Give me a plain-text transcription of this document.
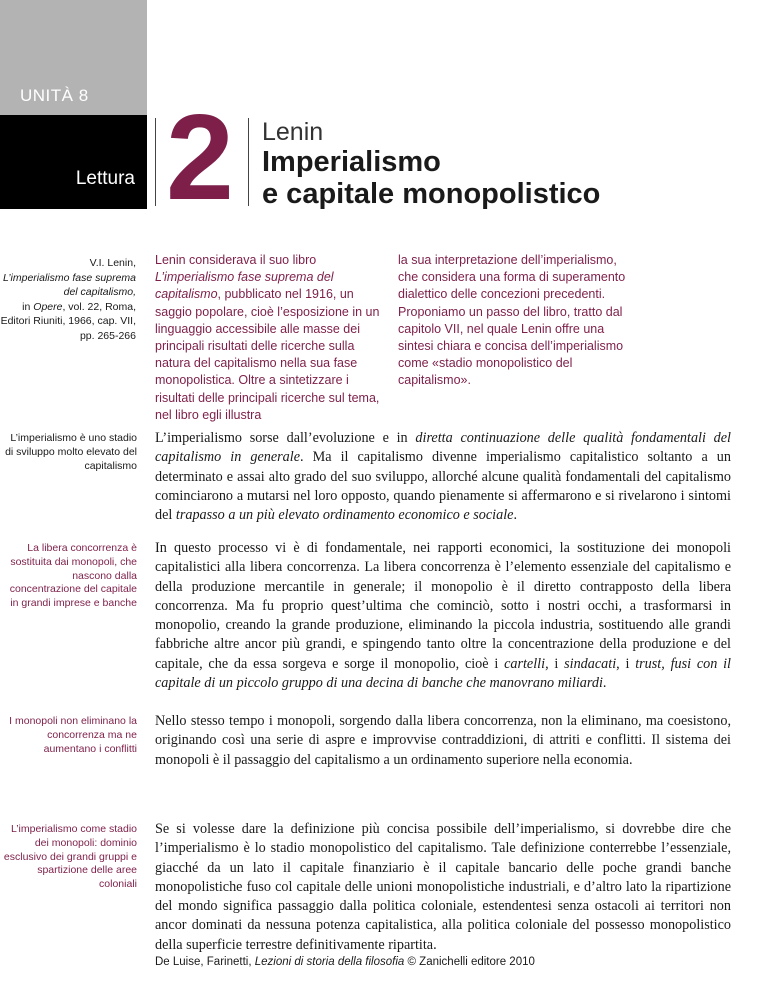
UNITÀ 8
Lettura 2 Lenin
Imperialismo
e capitale monopolistico
V.I. Lenin,
L’imperialismo fase suprema del capitalismo,
in Opere, vol. 22, Roma, Editori Riuniti, 1966, cap. VII, pp. 265-266
Lenin considerava il suo libro L’imperialismo fase suprema del capitalismo, pubblicato nel 1916, un saggio popolare, cioè l’esposizione in un linguaggio accessibile alle masse dei principali risultati delle ricerche sulla natura del capitalismo nella sua fase monopolistica. Oltre a sintetizzare i risultati delle principali ricerche sul tema, nel libro egli illustra
la sua interpretazione dell’imperialismo, che considera una forma di superamento dialettico delle concezioni precedenti. Proponiamo un passo del libro, tratto dal capitolo VII, nel quale Lenin offre una sintesi chiara e concisa dell’imperialismo come «stadio monopolistico del capitalismo».
L’imperialismo è uno stadio di sviluppo molto elevato del capitalismo
La libera concorrenza è sostituita dai monopoli, che nascono dalla concentrazione del capitale in grandi imprese e banche
I monopoli non eliminano la concorrenza ma ne aumentano i conflitti
L’imperialismo come stadio dei monopoli: dominio esclusivo dei grandi gruppi e spartizione delle aree coloniali
L’imperialismo sorse dall’evoluzione e in diretta continuazione delle qualità fondamentali del capitalismo in generale. Ma il capitalismo divenne imperialismo capitalistico soltanto a un determinato e assai alto grado del suo sviluppo, allorché alcune qualità fondamentali del capitalismo cominciarono a mutarsi nel loro opposto, quando pienamente si affermarono e si rivelarono i sintomi del trapasso a un più elevato ordinamento economico e sociale.
In questo processo vi è di fondamentale, nei rapporti economici, la sostituzione dei monopoli capitalistici alla libera concorrenza. La libera concorrenza è l’elemento essenziale del capitalismo e della produzione mercantile in generale; il monopolio è il diretto contrapposto della libera concorrenza. Ma fu proprio quest’ultima che cominciò, sotto i nostri occhi, a trasformarsi in monopolio, creando la grande produzione, eliminando la piccola industria, sostituendo alle grandi fabbriche altre ancor più grandi, e spingendo tanto oltre la concentrazione della produzione e del capitale, che da essa sorgeva e sorge il monopolio, cioè i cartelli, i sindacati, i trust, fusi con il capitale di un piccolo gruppo di una decina di banche che manovrano miliardi.
Nello stesso tempo i monopoli, sorgendo dalla libera concorrenza, non la eliminano, ma coesistono, originando così una serie di aspre e improvvise contraddizioni, di attriti e conflitti. Il sistema dei monopoli è il passaggio del capitalismo a un ordinamento superiore nella economia.
Se si volesse dare la definizione più concisa possibile dell’imperialismo, si dovrebbe dire che l’imperialismo è lo stadio monopolistico del capitalismo. Tale definizione conterrebbe l’essenziale, giacché da un lato il capitale finanziario è il capitale bancario delle poche grandi banche monopolistiche fuso col capitale delle unioni monopolistiche industriali, e d’altro lato la ripartizione del mondo significa passaggio dalla politica coloniale, estendentesi senza ostacoli ai territori non ancor dominati da nessuna potenza capitalistica, alla politica coloniale del possesso monopolistico della superficie terrestre definitivamente ripartita.
De Luise, Farinetti, Lezioni di storia della filosofia © Zanichelli editore 2010
